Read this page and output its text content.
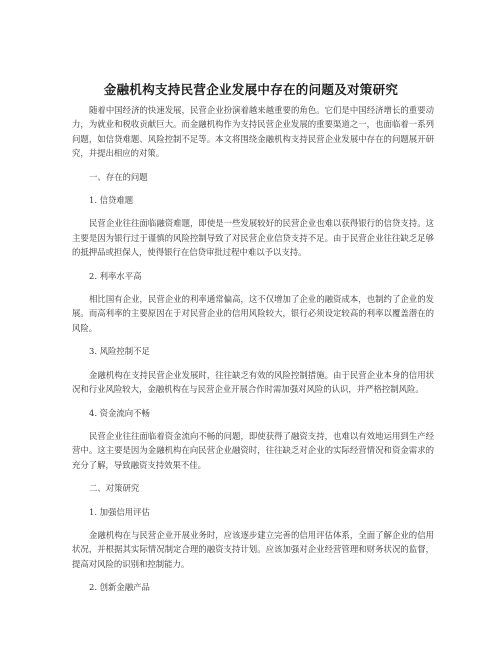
金融机构支持民营企业发展中存在的问题及对策研究

随着中国经济的快速发展，民营企业扮演着越来越重要的角色。它们是中国经济增长的重要动力，为就业和税收贡献巨大。而金融机构作为支持民营企业发展的重要渠道之一，也面临着一系列问题，如信贷难题、风险控制不足等。本文将围绕金融机构支持民营企业发展中存在的问题展开研究，并提出相应的对策。

一、存在的问题

1. 信贷难题

民营企业往往面临融资难题，即使是一些发展较好的民营企业也难以获得银行的信贷支持。这主要是因为银行过于谨慎的风险控制导致了对民营企业信贷支持不足。由于民营企业往往缺乏足够的抵押品或担保人，使得银行在信贷审批过程中难以予以支持。

2. 利率水平高

相比国有企业，民营企业的利率通常偏高，这不仅增加了企业的融资成本，也制约了企业的发展。而高利率的主要原因在于对民营企业的信用风险较大，银行必须设定较高的利率以覆盖潜在的风险。

3. 风险控制不足

金融机构在支持民营企业发展时，往往缺乏有效的风险控制措施。由于民营企业本身的信用状况和行业风险较大，金融机构在与民营企业开展合作时需加强对风险的认识，并严格控制风险。

4. 资金流向不畅

民营企业往往面临着资金流向不畅的问题，即使获得了融资支持，也难以有效地运用到生产经营中。这主要是因为金融机构在向民营企业融资时，往往缺乏对企业的实际经营情况和资金需求的充分了解，导致融资支持效果不佳。

二、对策研究

1. 加强信用评估

金融机构在与民营企业开展业务时，应该逐步建立完善的信用评估体系，全面了解企业的信用状况，并根据其实际情况制定合理的融资支持计划。应该加强对企业经营管理和财务状况的监督，提高对风险的识别和控制能力。

2. 创新金融产品
